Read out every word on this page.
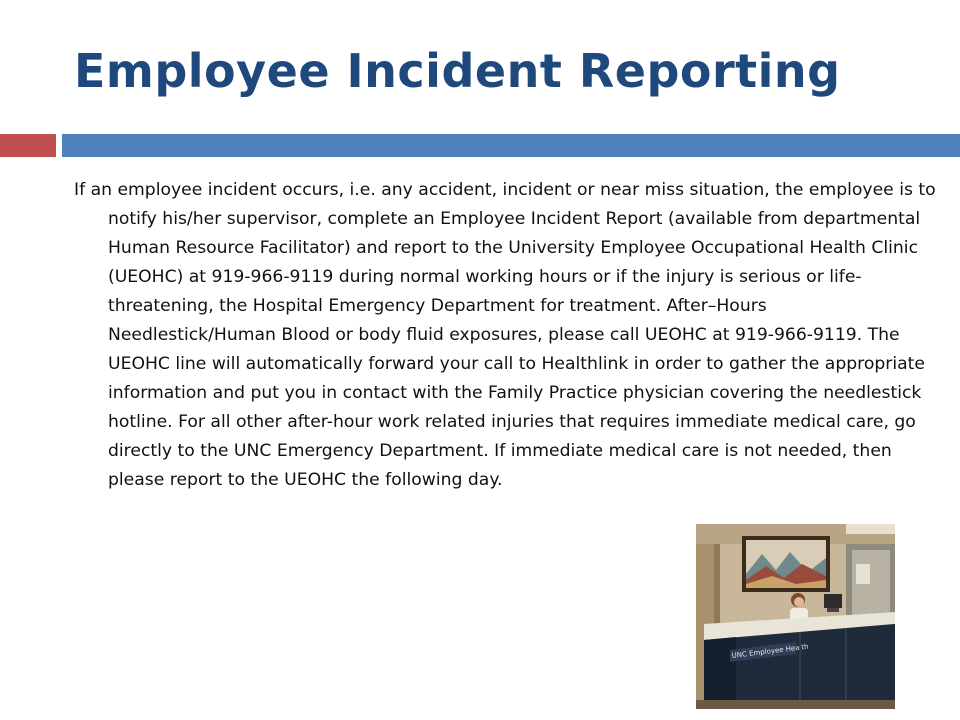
Employee Incident Reporting

If an employee incident occurs, i.e. any accident, incident or near miss situation, the employee is to notify his/her supervisor, complete an Employee Incident Report (available from departmental Human Resource Facilitator) and report to the University Employee Occupational Health Clinic (UEOHC) at 919-966-9119 during normal working hours or if the injury is serious or life-threatening, the Hospital Emergency Department for treatment. After–Hours Needlestick/Human Blood or body fluid exposures, please call UEOHC at 919-966-9119. The UEOHC line will automatically forward your call to Healthlink in order to gather the appropriate information and put you in contact with the Family Practice physician covering the needlestick hotline. For all other after-hour work related injuries that requires immediate medical care, go directly to the UNC Emergency Department. If immediate medical care is not needed, then please report to the UEOHC the following day.

UNC Employee Health
